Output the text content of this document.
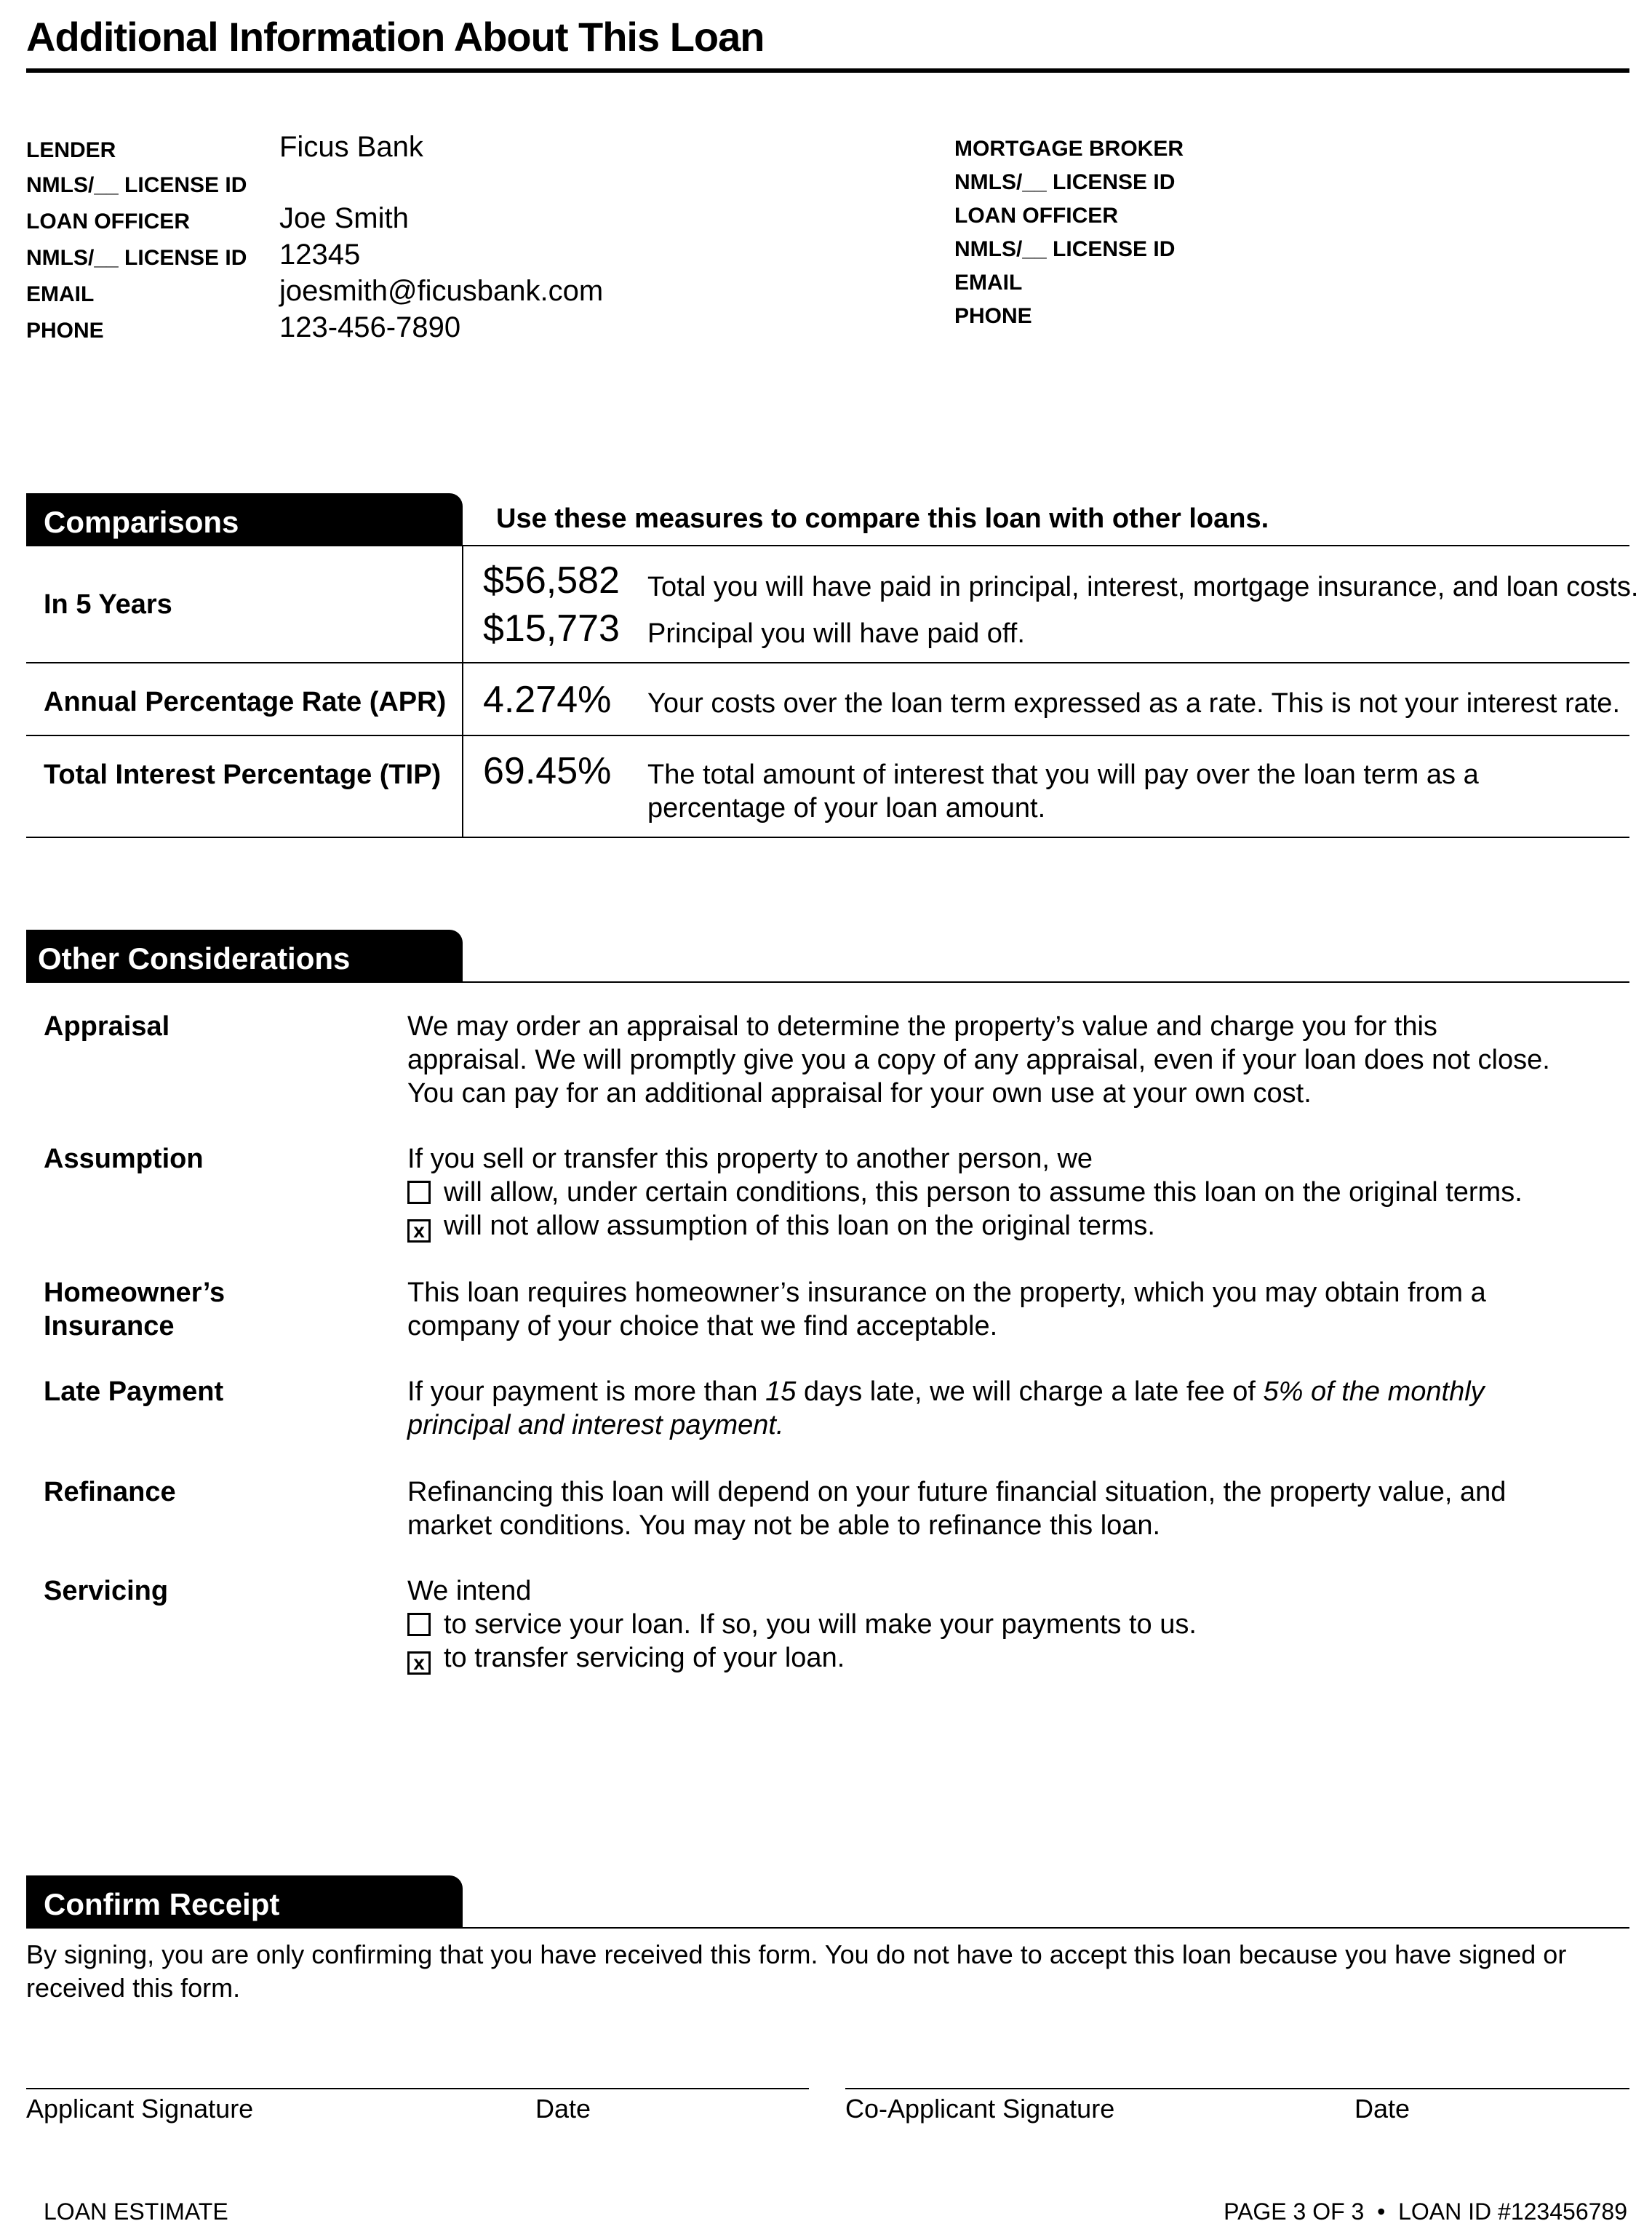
Additional Information About This Loan
LENDER	Ficus Bank
NMLS/__ LICENSE ID
LOAN OFFICER	Joe Smith
NMLS/__ LICENSE ID 12345
EMAIL	joesmith@ficusbank.com
PHONE	123-456-7890
MORTGAGE BROKER
NMLS/__ LICENSE ID
LOAN OFFICER
NMLS/__ LICENSE ID
EMAIL
PHONE
Comparisons	Use these measures to compare this loan with other loans.
In 5 Years
$56,582 Total you will have paid in principal, interest, mortgage insurance, and loan costs.
$15,773 Principal you will have paid off.
Annual Percentage Rate (APR) 4.274% Your costs over the loan term expressed as a rate. This is not your interest rate.
Total Interest Percentage (TIP) 69.45% The total amount of interest that you will pay over the loan term as a
percentage of your loan amount.
Other Considerations
Appraisal	We may order an appraisal to determine the property’s value and charge you for this
appraisal. We will promptly give you a copy of any appraisal, even if your loan does not close.
You can pay for an additional appraisal for your own use at your own cost.
Assumption	If you sell or transfer this property to another person, we
will allow, under certain conditions, this person to assume this loan on the original terms.
x will not allow assumption of this loan on the original terms.
Homeowner’s
Insurance
This loan requires homeowner’s insurance on the property, which you may obtain from a
company of your choice that we find acceptable.
Late Payment	If your payment is more than 15 days late, we will charge a late fee of 5% of the monthly
principal and interest payment.
Refinance	Refinancing this loan will depend on your future financial situation, the property value, and
market conditions. You may not be able to refinance this loan.
Servicing	We intend
to service your loan. If so, you will make your payments to us.
x to transfer servicing of your loan.
Confirm Receipt
By signing, you are only confirming that you have received this form. You do not have to accept this loan because you have signed or received this form.
Applicant Signature	Date	Co-Applicant Signature	Date
LOAN ESTIMATE	PAGE 3 OF 3  •  LOAN ID #123456789
